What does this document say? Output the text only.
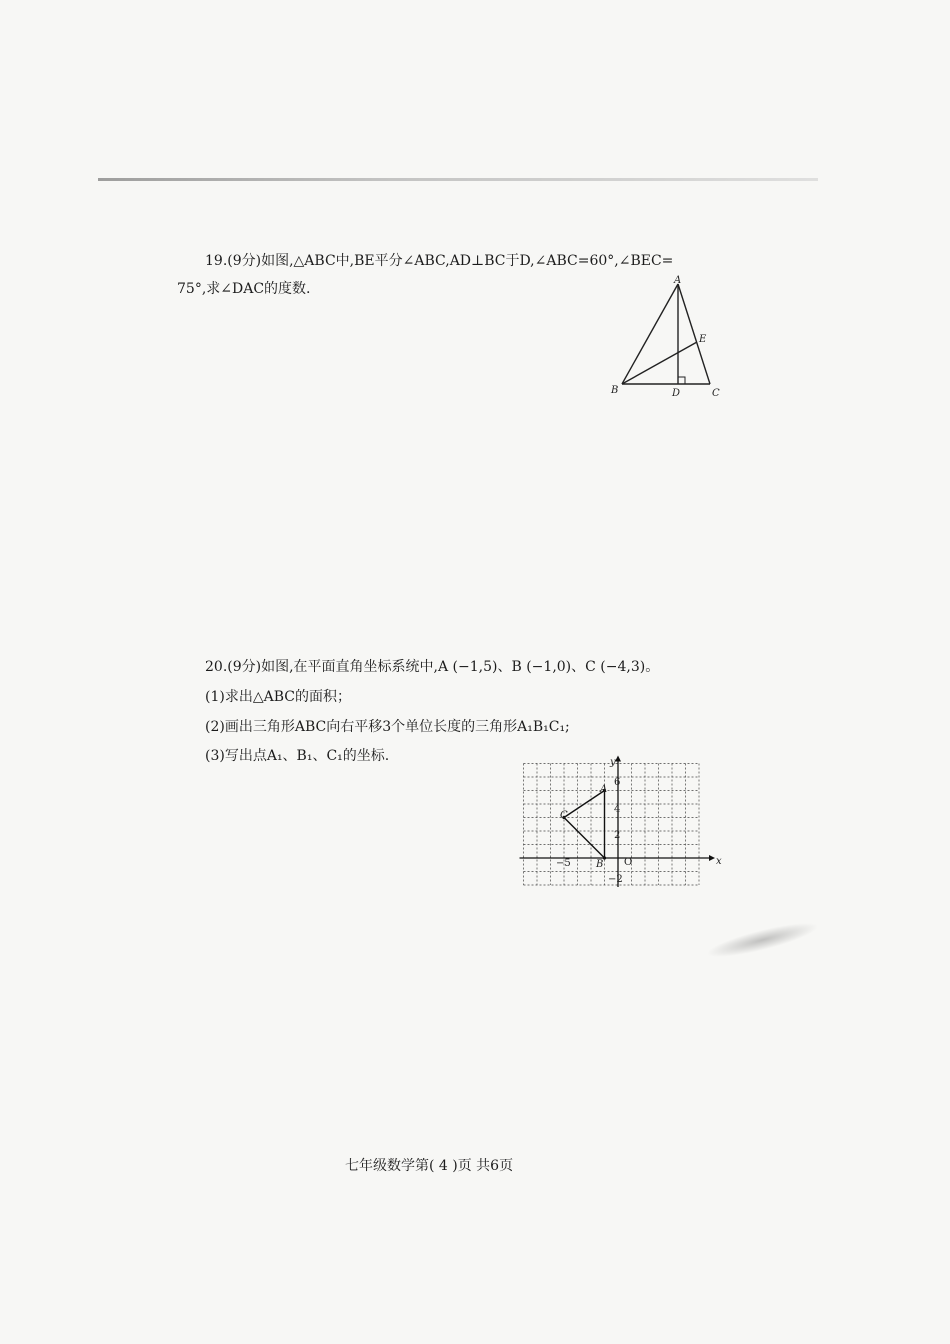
19.(9分)如图,△ABC中,BE平分∠ABC,AD⊥BC于D,∠ABC=60°,∠BEC=
75°,求∠DAC的度数.
A
B	C
D
E
20.(9分)如图,在平面直角坐标系统中,A (−1,5)、B (−1,0)、C (−4,3)。
(1)求出△ABC的面积；
(2)画出三角形ABC向右平移3个单位长度的三角形A₁B₁C₁;
(3)写出点A₁、B₁、C₁的坐标.
x
y
O
6
4
2
−2
−5
A
B
C
七年级数学第( 4 )页 共6页
